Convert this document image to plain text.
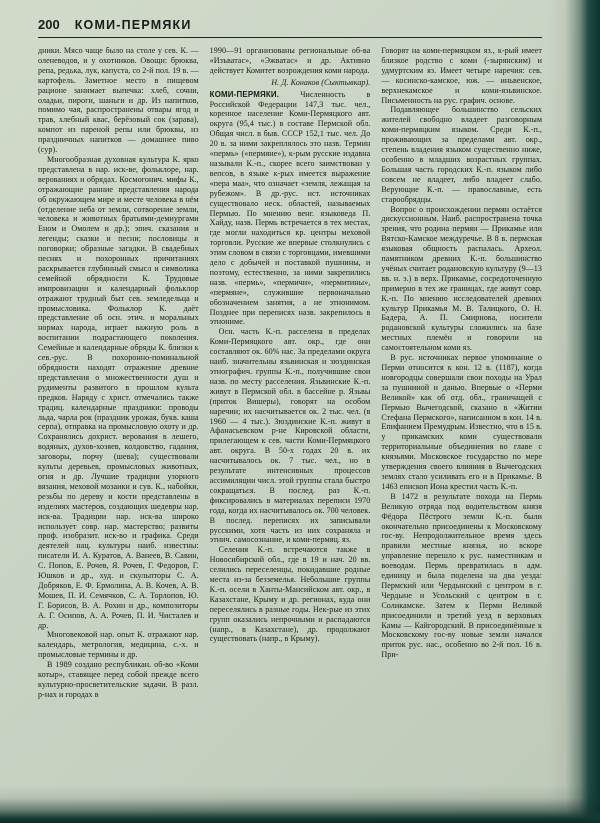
200 КОМИ-ПЕРМЯКИ

дники. Мясо чаще было на столе у сев. К. — оленеводов, и у охотников. Овощи: брюква, репа, редька, лук, капуста, со 2-й пол. 19 в. — картофель. Заметное место в пищевом рационе занимает выпечка: хлеб, сочни, оладьи, пироги, шаньги и др. Из напитков, помимо чая, распространены отвары ягод и трав, хлебный квас, берёзовый сок (зарава), компот из пареной репы или брюквы, из праздничных напитков — домашнее пиво (сур).

Многообразная духовная культура К. ярко представлена в нар. иск-ве, фольклоре, нар. верованиях и обрядах. Космогонич. мифы К., отражающие ранние представления народа об окружающем мире и месте человека в нём (отделение неба от земли, сотворение земли, человека и животных братьями-демиургами Еном и Омолем и др.); эпич. сказания и легенды; сказки и песни; пословицы и поговорки; образные загадки. В свадебных песнях и похоронных причитаниях раскрывается глубинный смысл и символика семейной обрядности К. Трудовые импровизации и календарный фольклор отражают трудный быт сев. земледельца и промысловика. Фольклор К. даёт представление об осн. этич. и моральных нормах народа, играет важную роль в воспитании подрастающего поколения. Семейные и календарные обряды К. близки к сев.-рус. В похоронно-поминальной обрядности находят отражение древние представления о множественности душ и рудименты развитого в прошлом культа предков. Наряду с христ. отмечались также традиц. календарные праздники: проводы льда, чарла рок (праздник урожая, букв. каша серпа), отправка на промысловую охоту и др. Сохранялись дохрист. верования в лешего, водяных, духов-хозяев, колдовство, гадания, заговоры, порчу (шева); существовали культы деревьев, промысловых животных, огня и др. Лучшие традиции узорного вязания, меховой мозаики и сув. К., набойки, резьбы по дереву и кости представлены в изделиях мастеров, создающих шедевры нар. иск-ва. Традиции нар. иск-ва широко использует совр. нар. мастерство; развиты проф. изобразит. иск-во и графика. Среди деятелей нац. культуры наиб. известны: писатели И. А. Куратов, А. Ванеев, В. Савин, С. Попов, Е. Рочев, Я. Рочев, Г. Федоров, Г. Юшков и др., худ. и скульпторы С. А. Добряков, Е. Ф. Ермолина, А. В. Кочев, А. В. Мошев, П. И. Семячков, С. А. Торлопов, Ю. Г. Борисов, В. А. Рохин и др., композиторы А. Г. Осипов, А. А. Рочев, П. И. Чисталев и др.

Многовековой нар. опыт К. отражают нар. календарь, метрология, медицина, с.-х. и промысловые термины и др.

В 1989 создано республикан. об-во «Коми котыр», ставящее перед собой прежде всего культурно-просветительские задачи. В разл. р-нах и городах в

1990—91 организованы региональные об-ва «Изъватас», «Эжватас» и др. Активно действует Комитет возрождения коми народа.

Н. Д. Конаков (Сыктывкар).

КОМИ-ПЕРМЯКИ.	Численность в Российской Федерации 147,3 тыс. чел., коренное население Коми-Пермяцкого авт. округа (95,4 тыс.) в составе Пермской обл. Общая числ. в быв. СССР 152,1 тыс. чел. До 20 в. за ними закреплялось это назв. Термин «пермь» («пермяне»), к-рым русские издавна называли К.-п., скорее всего заимствован у вепсов, в языке к-рых имеется выражение «пера маа», что означает «земля, лежащая за рубежом». В др.-рус. ист. источниках существовало неск. областей, называемых Пермью. По мнению венг. языковеда П. Хайду, назв. Пермь встречается в тех местах, где могли находиться кр. центры меховой торговли. Русские же впервые столкнулись с этим словом в связи с торговцами, имевшими дело с добычей и поставкой пушнины, и поэтому, естественно, за ними закрепились назв. «пермь», «пермичи», «пермитины», «пермяне», служившие первоначально обозначением занятия, а не этнонимом. Позднее при переписях назв. закрепилось в этнониме.

Осн. часть К.-п. расселена в пределах Коми-Пермяцкого авт. окр., где они составляют ок. 60% нас. За пределами округа наиб. значительны язьвинская и зюздинская этнографич. группы К.-п., получившие свои назв. по месту расселения. Язьвинские К.-п. живут в Пермской обл. в бассейне р. Язьвы (приток Вишеры), говорят на особом наречии; их насчитывается ок. 2 тыс. чел. (в 1960 — 4 тыс.). Зюздинские К.-п. живут в Афанасьевском р-не Кировской области, прилегающем к сев. части Коми-Пермяцкого авт. округа. В 50-х годах 20 в. их насчитывалось ок. 7 тыс. чел., но в результате интенсивных процессов ассимиляции числ. этой группы стала быстро сокращаться. В послед. раз К.-п. фиксировались в материалах переписи 1970 года, когда их насчитывалось ок. 700 человек. В послед. переписях их записывали русскими, хотя часть из них сохраняла и этнич. самосознание, и коми-пермяц. яз.

Селения К.-п. встречаются также в Новосибирской обл., где в 19 и нач. 20 вв. селились переселенцы, покидавшие родные места из-за безземелья. Небольшие группы К.-п. осели в Ханты-Мансийском авт. окр., в Казахстане, Крыму и др. регионах, куда они переселялись в разные годы. Нек-рые из этих групп оказались непрочными и распадаются (напр., в Казахстане), др. продолжают существовать (напр., в Крыму).

Говорят на коми-пермяцком яз., к-рый имеет близкое родство с коми (-зырянским) и удмуртским яз. Имеет четыре наречия: сев. — косинско-камское, юж. — иньвенское, верхнекамское и коми-язьвинское. Письменность на рус. графич. основе.

Подавляющее большинство сельских жителей свободно владеет разговорным коми-пермяцким языком. Среди К.-п., проживающих за пределами авт. окр., степень владения языком существенно ниже, особенно в младших возрастных группах. Большая часть городских К.-п. языком либо совсем не владеет, либо владеет слабо. Верующие К.-п. — православные, есть старообрядцы.

Вопрос о происхождении пермян остаётся дискуссионным. Наиб. распространена точка зрения, что родина пермян — Прикамье или Вятско-Камское междуречье. В 8 в. пермская языковая общность распалась. Археол. памятником древних К.-п. большинство учёных считает родановскую культуру (9—13 вв. н. э.) в верх. Прикамье, сосредоточенную примерно в тех же границах, где живут совр. К.-п. По мнению исследователей древних культур Прикамья М. В. Талицкого, О. Н. Бадера, А. П. Смирнова, носители родановской культуры сложились на базе местных племён и говорили на самостоятельном коми яз.

В рус. источниках первое упоминание о Перми относится к кон. 12 в. (1187), когда новгородцы совершали свои походы на Урал за пушниной и данью. Впервые о «Перми Великой» как об отд. обл., граничащей с Пермью Вычегодской, сказано в «Житии Стефана Пермского», написанном в кон. 14 в. Епифанием Премудрым. Известно, что в 15 в. у прикамских коми существовали территориальные объединения во главе с князьями. Московское государство по мере утверждения своего влияния в Вычегодских землях стало усиливать его и в Прикамье. В 1463 епископ Иона крестил часть К.-п.

В 1472 в результате похода на Пермь Великую отряда под водительством князя Фёдора Пёстрого земли К.-п. были окончательно присоединены к Московскому гос-ву. Непродолжительное время здесь правили местные князья, но вскоре управление перешло к рус. наместникам и воеводам. Пермь превратилась в адм. единицу и была поделена на два уезда: Пермский или Чердынский с центром в г. Чердыне и Усольский с центром в г. Соликамске. Затем к Перми Великой присоединили и третий уезд в верховьях Камы — Кайгородский. В присоединённые к Московскому гос-ву новые земли начался приток рус. нас., особенно во 2-й пол. 16 в. При-
